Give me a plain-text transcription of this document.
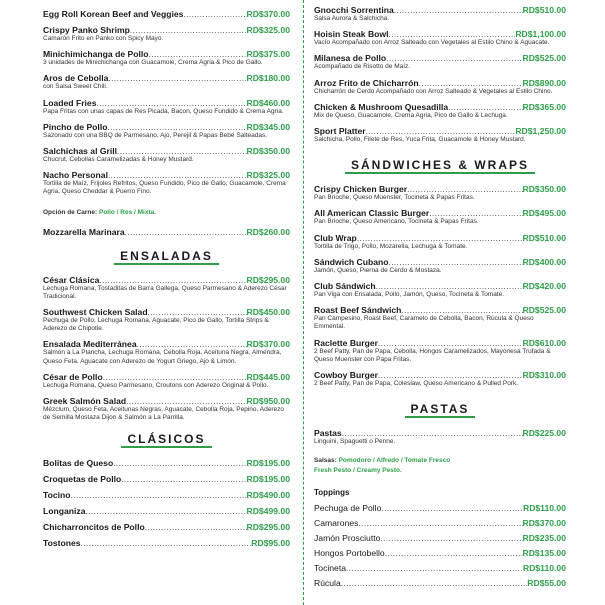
Egg Roll Korean Beef and Veggies .....	RD$370.00
Crispy Panko Shrimp .....	RD$325.00
Camarón Frito en Panko con Spicy Mayo.
Minichimichanga de Pollo .....	RD$375.00
3 unidades de Minichichanga con Guacamole, Crema Agria & Pico de Gallo.
Aros de Cebolla .....	RD$180.00
con Salsa Sweet Chili.
Loaded Fries .....	RD$460.00
Papa Fritas con unas capas de Res Picada, Bacon, Queso Fundido & Crema Agria.
Pincho de Pollo .....	RD$345.00
Sazonado con una BBQ de Parmesano, Ajo, Perejil & Papas Bebé Salteadas.
Salchichas al Grill .....	RD$350.00
Chucrut, Cebollas Caramelizadas & Honey Mustard.
Nacho Personal .....	RD$325.00
Tortilla de Maíz, Frijoles Refritos, Queso Fundido, Pico de Gallo, Guacamole, Crema Agria, Queso Cheddar & Puerro Fino.
Opción de Carne: Pollo / Res / Mixta.
Mozzarella Marinara .....	RD$260.00
ENSALADAS
César Clásica .....	RD$295.00
Lechuga Romana, Tostaditas de Barra Gallega, Queso Parmesano & Aderezo César Tradicional.
Southwest Chicken Salad .....	RD$450.00
Pechuga de Pollo, Lechuga Romana, Aguacate, Pico de Gallo, Tortilla Strips & Aderezo de Chipotle.
Ensalada Mediterránea .....	RD$370.00
Salmón a La Plancha, Lechuga Romana, Cebolla Roja, Aceituna Negra, Almendra, Queso Feta, Aguacate con Aderezo de Yogurt Griego, Ajo & Limón.
César de Pollo .....	RD$445.00
Lechuga Romana, Queso Parmesano, Croutons con Aderezo Original & Pollo.
Greek Salmón Salad .....	RD$950.00
Mézclum, Queso Feta, Aceitunas Negras, Aguacate, Cebolla Roja, Pepino, Aderezo de Semilla Mostaza Dijon & Salmón a La Parrilla.
CLÁSICOS
Bolitas de Queso .....	RD$195.00
Croquetas de Pollo .....	RD$195.00
Tocino .....	RD$490.00
Longaniza .....	RD$499.00
Chicharroncitos de Pollo .....	RD$295.00
Tostones .....	RD$95.00
Gnocchi Sorrentina .....	RD$510.00
Salsa Aurora & Salchicha.
Hoisin Steak Bowl .....	RD$1,100.00
Vacío Acompañado con Arroz Salteado con Vegetales al Estilo Chino & Aguacate.
Milanesa de Pollo .....	RD$525.00
Acompañado de Risotto de Maíz.
Arroz Frito de Chicharrón .....	RD$890.00
Chicharrón de Cerdo Acompañado con Arroz Salteado & Vegetales al Estilo Chino.
Chicken & Mushroom Quesadilla .....	RD$365.00
Mix de Queso, Guacamole, Crema Agria, Pico de Gallo & Lechuga.
Sport Platter .....	RD$1,250.00
Salchicha, Pollo, Filete de Res, Yuca Frita, Guacamole & Honey Mustard.
SÁNDWICHES & WRAPS
Crispy Chicken Burger .....	RD$350.00
Pan Brioche, Queso Muenster, Tocineta & Papas Fritas.
All American Classic Burger .....	RD$495.00
Pan Brioche, Queso Americano, Tocineta & Papas Fritas.
Club Wrap .....	RD$510.00
Tortilla de Trigo, Pollo, Mozarella, Lechuga & Tomate.
Sándwich Cubano .....	RD$400.00
Jamón, Queso, Pierna de Cerdo & Mostaza.
Club Sándwich .....	RD$420.00
Pan Viga con Ensalada, Pollo, Jamón, Queso, Tocineta & Tomate.
Roast Beef Sándwich .....	RD$525.00
Pan Campesino, Roast Beef, Caramelo de Cebolla, Bacon, Rúcula & Queso Emmental.
Raclette Burger .....	RD$610.00
2 Beef Patty, Pan de Papa, Cebolla, Hongos Caramelizados, Mayonesa Trufada & Queso Muenster con Papa Fritas.
Cowboy Burger .....	RD$310.00
2 Beef Patty, Pan de Papa, Coleslaw, Queso Americano & Pulled Pork.
PASTAS
Pastas .....	RD$225.00
Linguini, Spaguetti o Penne.
Salsas: Pomodoro / Alfredo / Tomate Fresco
Fresh Pesto / Creamy Pesto.
Toppings
Pechuga de Pollo .....	RD$110.00
Camarones .....	RD$370.00
Jamón Prosciutto .....	RD$235.00
Hongos Portobello .....	RD$135.00
Tocineta .....	RD$110.00
Rúcula .....	RD$55.00
